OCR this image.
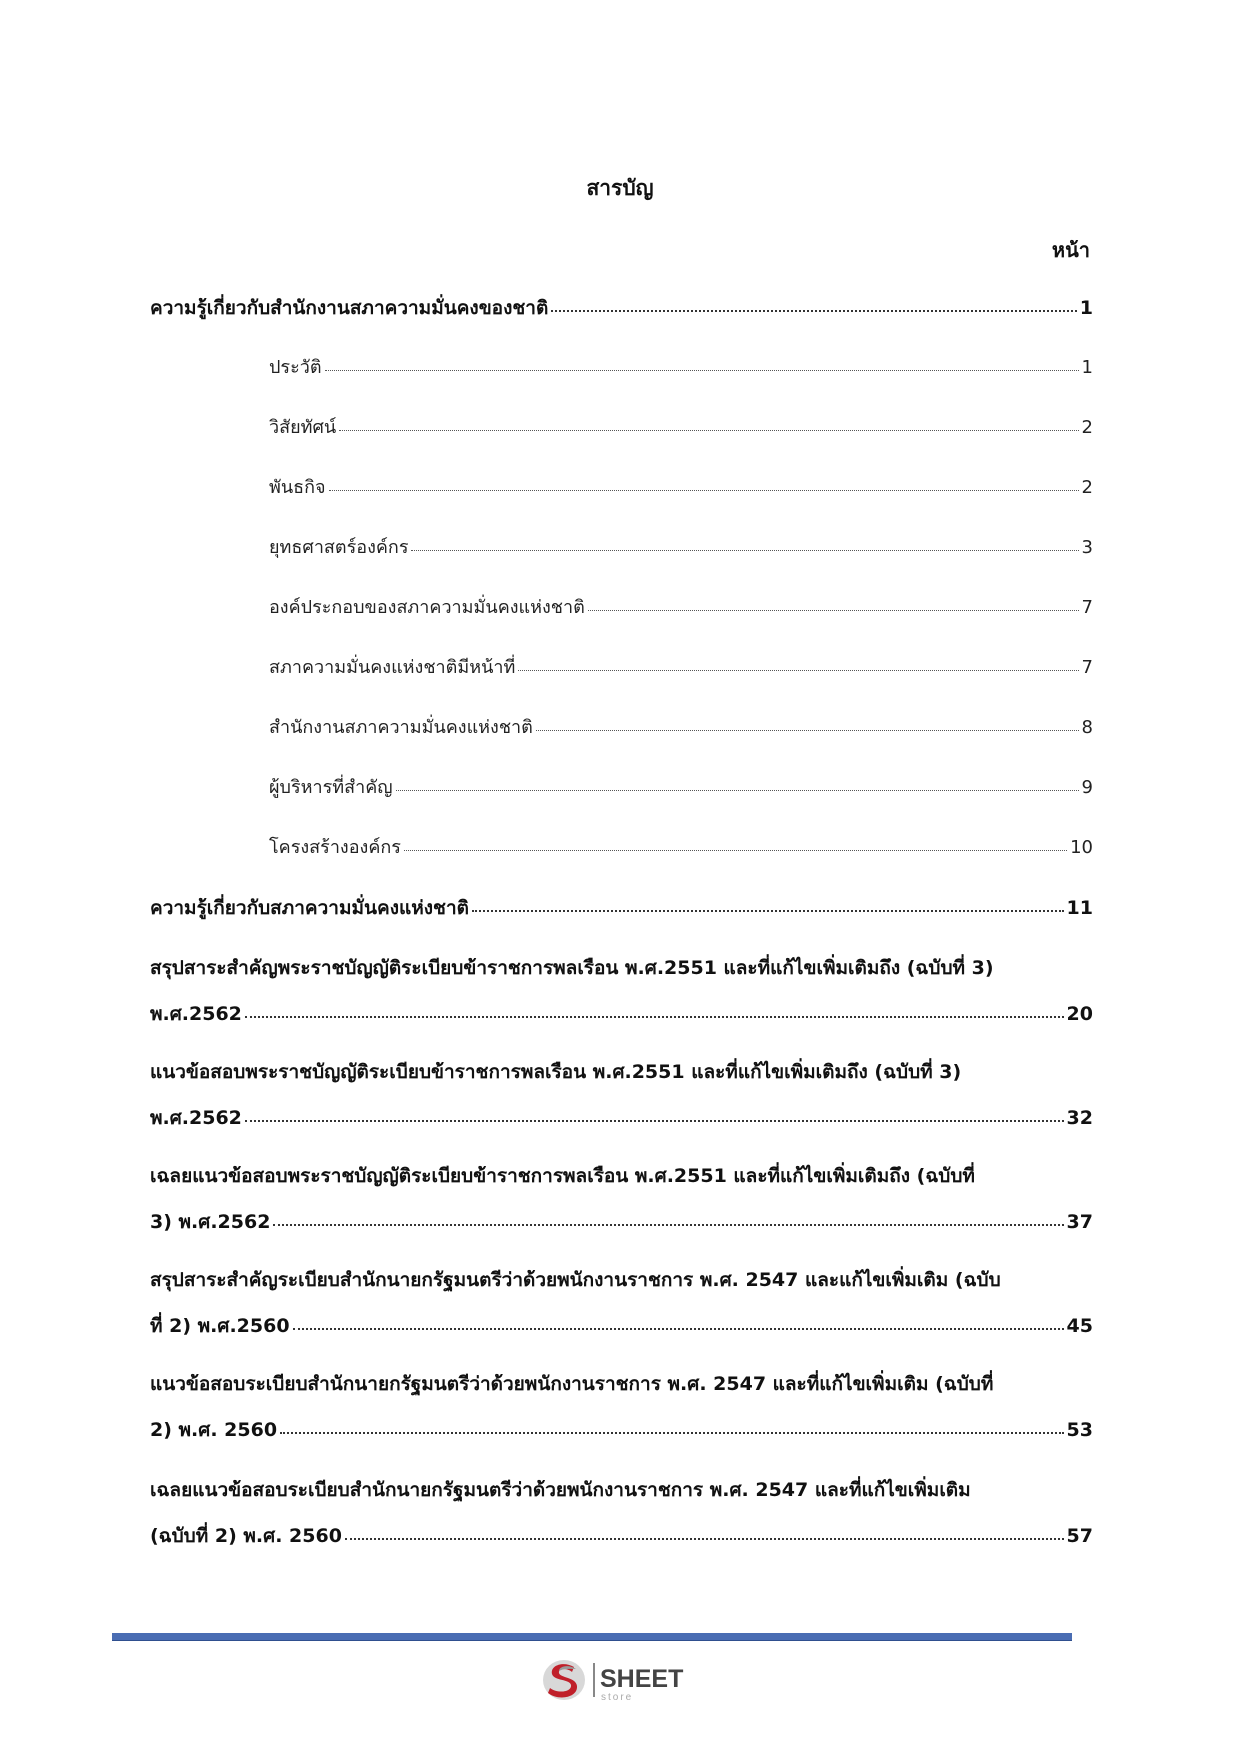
สารบัญ
หน้า
ความรู้เกี่ยวกับสำนักงานสภาความมั่นคงของชาติ	1
ประวัติ	1
วิสัยทัศน์	2
พันธกิจ	2
ยุทธศาสตร์องค์กร	3
องค์ประกอบของสภาความมั่นคงแห่งชาติ	7
สภาความมั่นคงแห่งชาติมีหน้าที่	7
สำนักงานสภาความมั่นคงแห่งชาติ	8
ผู้บริหารที่สำคัญ	9
โครงสร้างองค์กร	10
ความรู้เกี่ยวกับสภาความมั่นคงแห่งชาติ	11
สรุปสาระสำคัญพระราชบัญญัติระเบียบข้าราชการพลเรือน พ.ศ.2551 และที่แก้ไขเพิ่มเติมถึง (ฉบับที่ 3)
พ.ศ.2562	20
แนวข้อสอบพระราชบัญญัติระเบียบข้าราชการพลเรือน พ.ศ.2551 และที่แก้ไขเพิ่มเติมถึง (ฉบับที่ 3)
พ.ศ.2562	32
เฉลยแนวข้อสอบพระราชบัญญัติระเบียบข้าราชการพลเรือน พ.ศ.2551 และที่แก้ไขเพิ่มเติมถึง (ฉบับที่
3) พ.ศ.2562	37
สรุปสาระสำคัญระเบียบสำนักนายกรัฐมนตรีว่าด้วยพนักงานราชการ พ.ศ. 2547 และแก้ไขเพิ่มเติม (ฉบับ
ที่ 2) พ.ศ.2560	45
แนวข้อสอบระเบียบสำนักนายกรัฐมนตรีว่าด้วยพนักงานราชการ พ.ศ. 2547 และที่แก้ไขเพิ่มเติม (ฉบับที่
2) พ.ศ. 2560	53
เฉลยแนวข้อสอบระเบียบสำนักนายกรัฐมนตรีว่าด้วยพนักงานราชการ พ.ศ. 2547 และที่แก้ไขเพิ่มเติม
(ฉบับที่ 2) พ.ศ. 2560	57
SHEET
store
